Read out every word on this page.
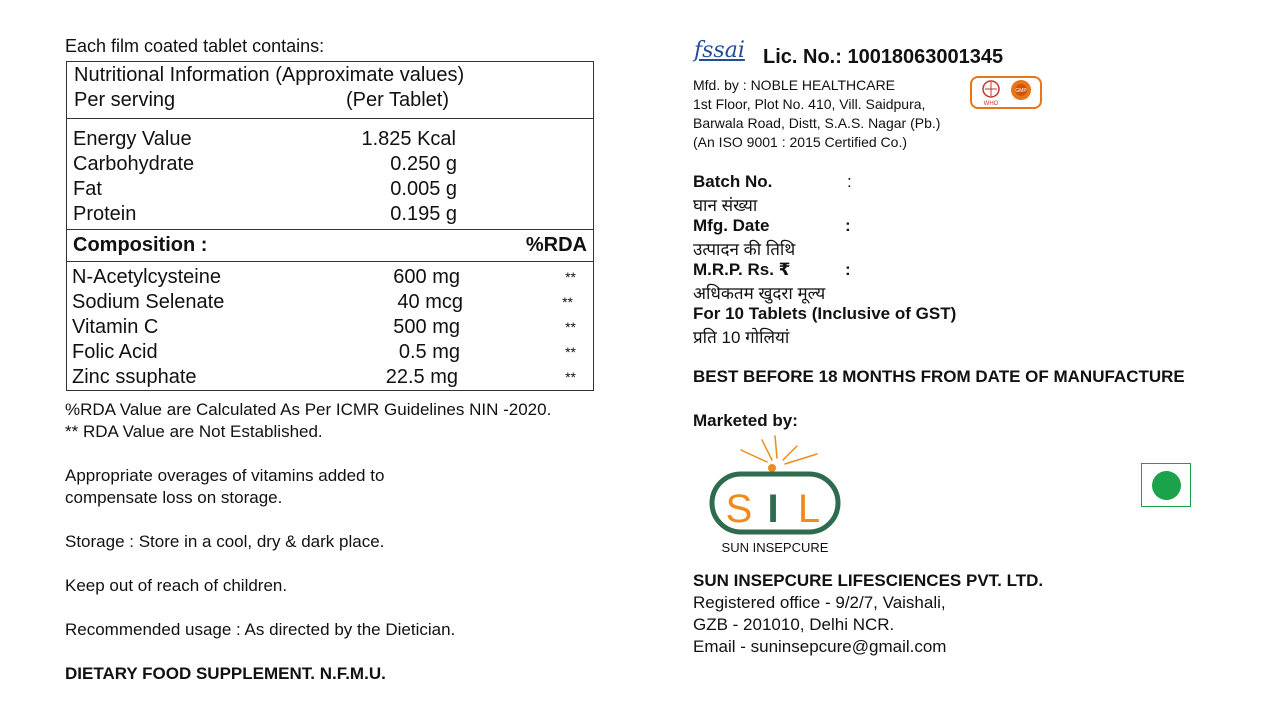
Each film coated tablet contains:
Nutritional Information (Approximate values)
Per serving	(Per Tablet)
Energy Value	1.825 Kcal
Carbohydrate	0.250 g
Fat	0.005 g
Protein	0.195 g
Composition :	%RDA
N-Acetylcysteine	600 mg	**
Sodium Selenate	40 mcg	**
Vitamin C	500 mg	**
Folic Acid	0.5 mg	**
Zinc ssuphate	22.5 mg	**
%RDA Value are Calculated As Per ICMR Guidelines NIN -2020.
** RDA Value are Not Established.
Appropriate overages of vitamins added to
compensate loss on storage.
Storage : Store in a cool, dry & dark place.
Keep out of reach of children.
Recommended usage : As directed by the Dietician.
DIETARY FOOD SUPPLEMENT. N.F.M.U.
fssai Lic. No.: 10018063001345
Mfd. by : NOBLE HEALTHCARE
1st Floor, Plot No. 410, Vill. Saidpura,
Barwala Road, Distt, S.A.S. Nagar (Pb.)
(An ISO 9001 : 2015 Certified Co.)
WHO
GMP
Batch No.	:
घान संख्या
Mfg. Date	:
उत्पादन की तिथि
M.R.P. Rs. ₹	:
अधिकतम खुदरा मूल्य
For 10 Tablets (Inclusive of GST)
प्रति 10 गोलियां
BEST BEFORE 18 MONTHS FROM DATE OF MANUFACTURE
Marketed by:
S I L
SUN INSEPCURE
SUN INSEPCURE LIFESCIENCES PVT. LTD.
Registered office - 9/2/7, Vaishali,
GZB - 201010, Delhi NCR.
Email - suninsepcure@gmail.com
